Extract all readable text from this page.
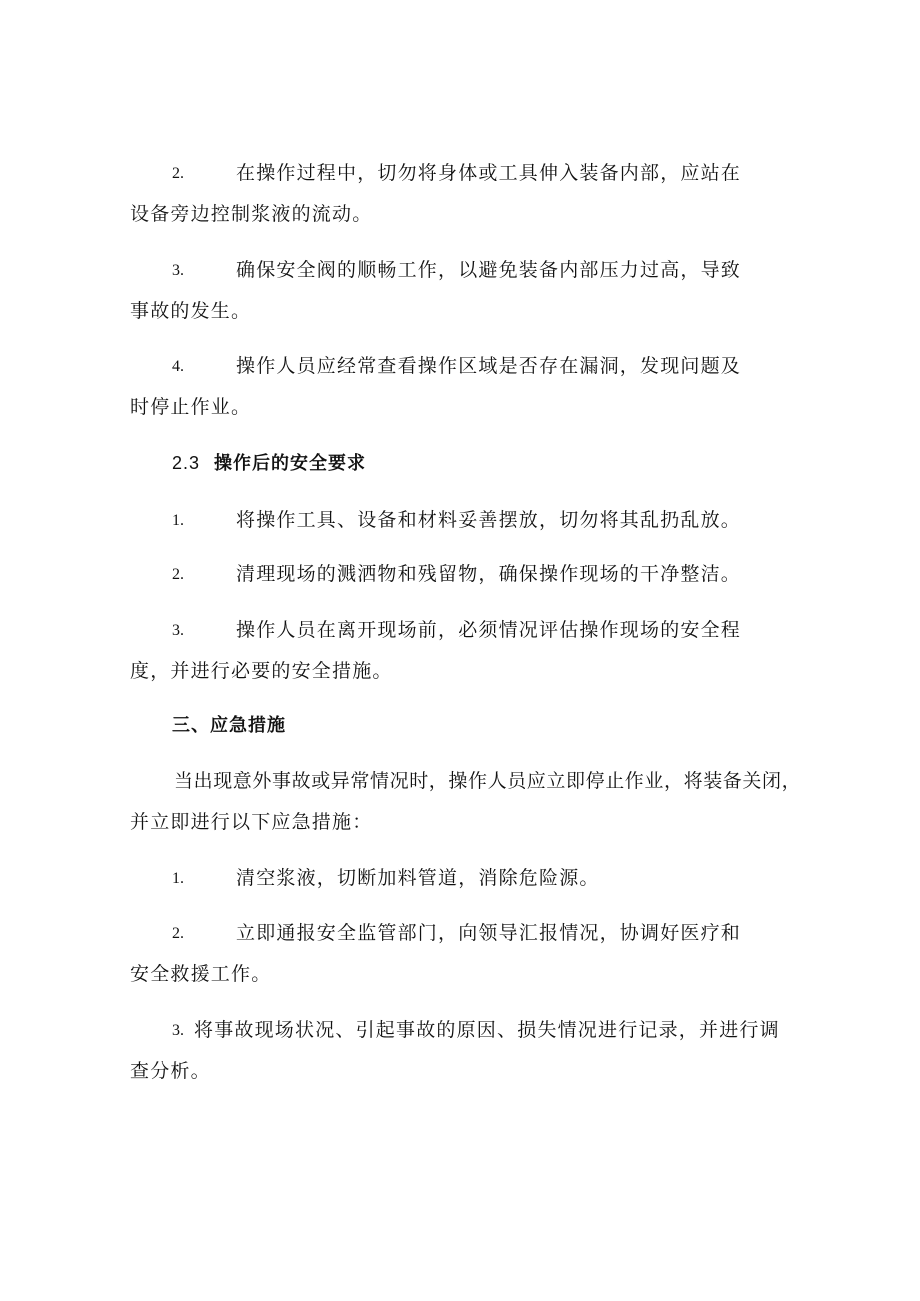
2.	在操作过程中，切勿将身体或工具伸入装备内部，应站在
设备旁边控制浆液的流动。
3.	确保安全阀的顺畅工作，以避免装备内部压力过高，导致
事故的发生。
4.	操作人员应经常查看操作区域是否存在漏洞，发现问题及
时停止作业。
2.3 操作后的安全要求
1.	将操作工具、设备和材料妥善摆放，切勿将其乱扔乱放。
2.	清理现场的溅洒物和残留物，确保操作现场的干净整洁。
3.	操作人员在离开现场前，必须情况评估操作现场的安全程
度，并进行必要的安全措施。
三、应急措施
当出现意外事故或异常情况时，操作人员应立即停止作业，将装备关闭，
并立即进行以下应急措施：
1.	清空浆液，切断加料管道，消除危险源。
2.	立即通报安全监管部门，向领导汇报情况，协调好医疗和
安全救援工作。
3. 将事故现场状况、引起事故的原因、损失情况进行记录，并进行调
查分析。
